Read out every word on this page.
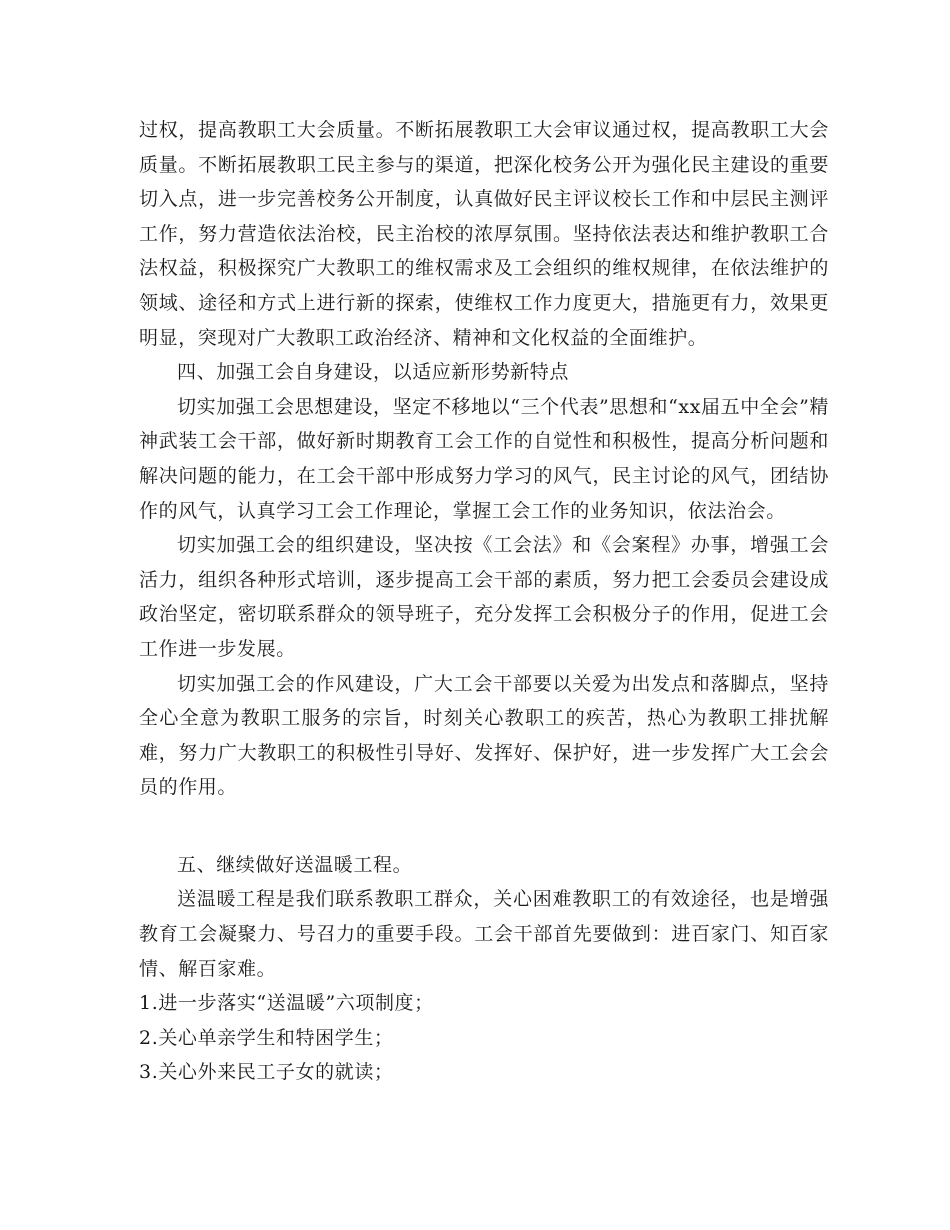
过权，提高教职工大会质量。不断拓展教职工大会审议通过权，提高教职工大会质量。不断拓展教职工民主参与的渠道，把深化校务公开为强化民主建设的重要切入点，进一步完善校务公开制度，认真做好民主评议校长工作和中层民主测评工作，努力营造依法治校，民主治校的浓厚氛围。坚持依法表达和维护教职工合法权益，积极探究广大教职工的维权需求及工会组织的维权规律，在依法维护的领域、途径和方式上进行新的探索，使维权工作力度更大，措施更有力，效果更明显，突现对广大教职工政治经济、精神和文化权益的全面维护。

四、加强工会自身建设，以适应新形势新特点

切实加强工会思想建设，坚定不移地以“三个代表”思想和“xx届五中全会”精神武装工会干部，做好新时期教育工会工作的自觉性和积极性，提高分析问题和解决问题的能力，在工会干部中形成努力学习的风气，民主讨论的风气，团结协作的风气，认真学习工会工作理论，掌握工会工作的业务知识，依法治会。

切实加强工会的组织建设，坚决按《工会法》和《会案程》办事，增强工会活力，组织各种形式培训，逐步提高工会干部的素质，努力把工会委员会建设成政治坚定，密切联系群众的领导班子，充分发挥工会积极分子的作用，促进工会工作进一步发展。

切实加强工会的作风建设，广大工会干部要以关爱为出发点和落脚点，坚持全心全意为教职工服务的宗旨，时刻关心教职工的疾苦，热心为教职工排扰解难，努力广大教职工的积极性引导好、发挥好、保护好，进一步发挥广大工会会员的作用。

五、继续做好送温暖工程。

送温暖工程是我们联系教职工群众，关心困难教职工的有效途径，也是增强教育工会凝聚力、号召力的重要手段。工会干部首先要做到：进百家门、知百家情、解百家难。

1.进一步落实“送温暖”六项制度；

2.关心单亲学生和特困学生；

3.关心外来民工子女的就读；
